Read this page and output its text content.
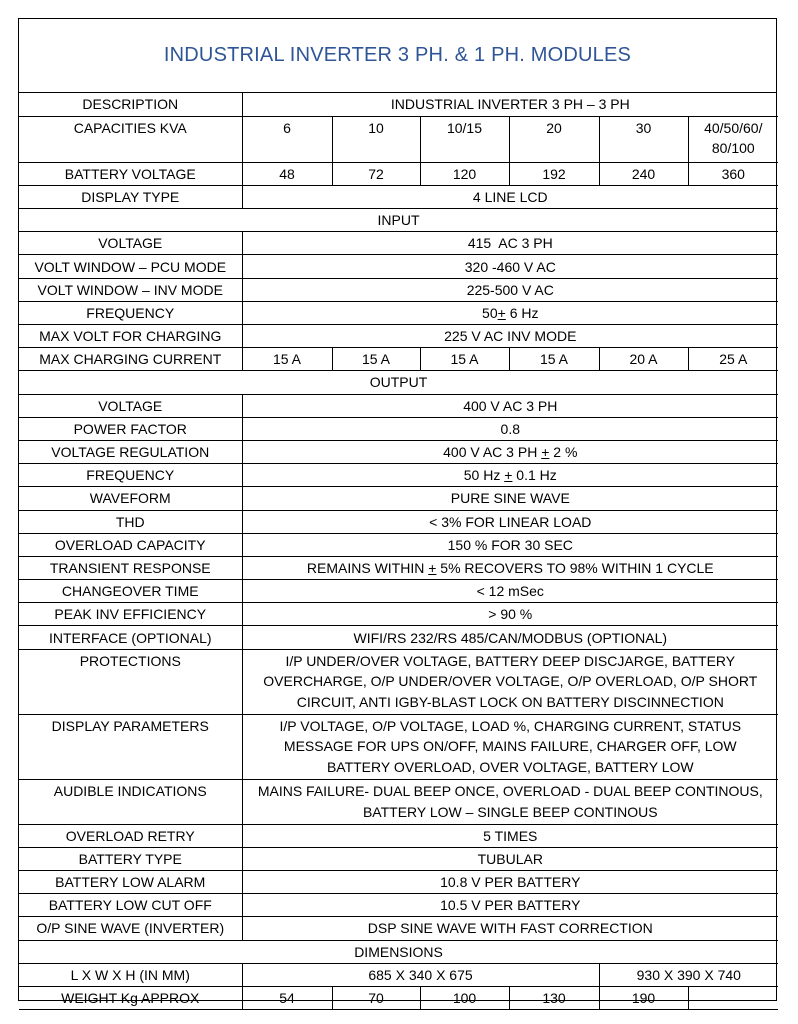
INDUSTRIAL INVERTER 3 PH. & 1 PH. MODULES
DESCRIPTION	INDUSTRIAL INVERTER 3 PH – 3 PH					
CAPACITIES KVA	6	10	10/15	20	30	40/50/60/
80/100
BATTERY VOLTAGE	48	72	120	192	240	360
DISPLAY TYPE	4 LINE LCD					
INPUT						
VOLTAGE	415  AC 3 PH					
VOLT WINDOW – PCU MODE	320 -460 V AC					
VOLT WINDOW – INV MODE	225-500 V AC					
FREQUENCY	50+ 6 Hz					
MAX VOLT FOR CHARGING	225 V AC INV MODE					
MAX CHARGING CURRENT	15 A	15 A	15 A	15 A	20 A	25 A
OUTPUT						
VOLTAGE	400 V AC 3 PH					
POWER FACTOR	0.8					
VOLTAGE REGULATION	400 V AC 3 PH + 2 %					
FREQUENCY	50 Hz + 0.1 Hz					
WAVEFORM	PURE SINE WAVE					
THD	< 3% FOR LINEAR LOAD					
OVERLOAD CAPACITY	150 % FOR 30 SEC					
TRANSIENT RESPONSE	REMAINS WITHIN + 5% RECOVERS TO 98% WITHIN 1 CYCLE					
CHANGEOVER TIME	< 12 mSec					
PEAK INV EFFICIENCY	> 90 %					
INTERFACE (OPTIONAL)	WIFI/RS 232/RS 485/CAN/MODBUS (OPTIONAL)					
PROTECTIONS	I/P UNDER/OVER VOLTAGE, BATTERY DEEP DISCJARGE, BATTERY
OVERCHARGE, O/P UNDER/OVER VOLTAGE, O/P OVERLOAD, O/P SHORT
CIRCUIT, ANTI IGBY-BLAST LOCK ON BATTERY DISCINNECTION					
DISPLAY PARAMETERS	I/P VOLTAGE, O/P VOLTAGE, LOAD %, CHARGING CURRENT, STATUS
MESSAGE FOR UPS ON/OFF, MAINS FAILURE, CHARGER OFF, LOW
BATTERY OVERLOAD, OVER VOLTAGE, BATTERY LOW					
AUDIBLE INDICATIONS	MAINS FAILURE- DUAL BEEP ONCE, OVERLOAD - DUAL BEEP CONTINOUS,
BATTERY LOW – SINGLE BEEP CONTINOUS					
OVERLOAD RETRY	5 TIMES					
BATTERY TYPE	TUBULAR					
BATTERY LOW ALARM	10.8 V PER BATTERY					
BATTERY LOW CUT OFF	10.5 V PER BATTERY					
O/P SINE WAVE (INVERTER)	DSP SINE WAVE WITH FAST CORRECTION					
DIMENSIONS						
L X W X H (IN MM)	685 X 340 X 675				930 X 390 X 740	
WEIGHT Kg APPROX	54	70	100	130	190	
